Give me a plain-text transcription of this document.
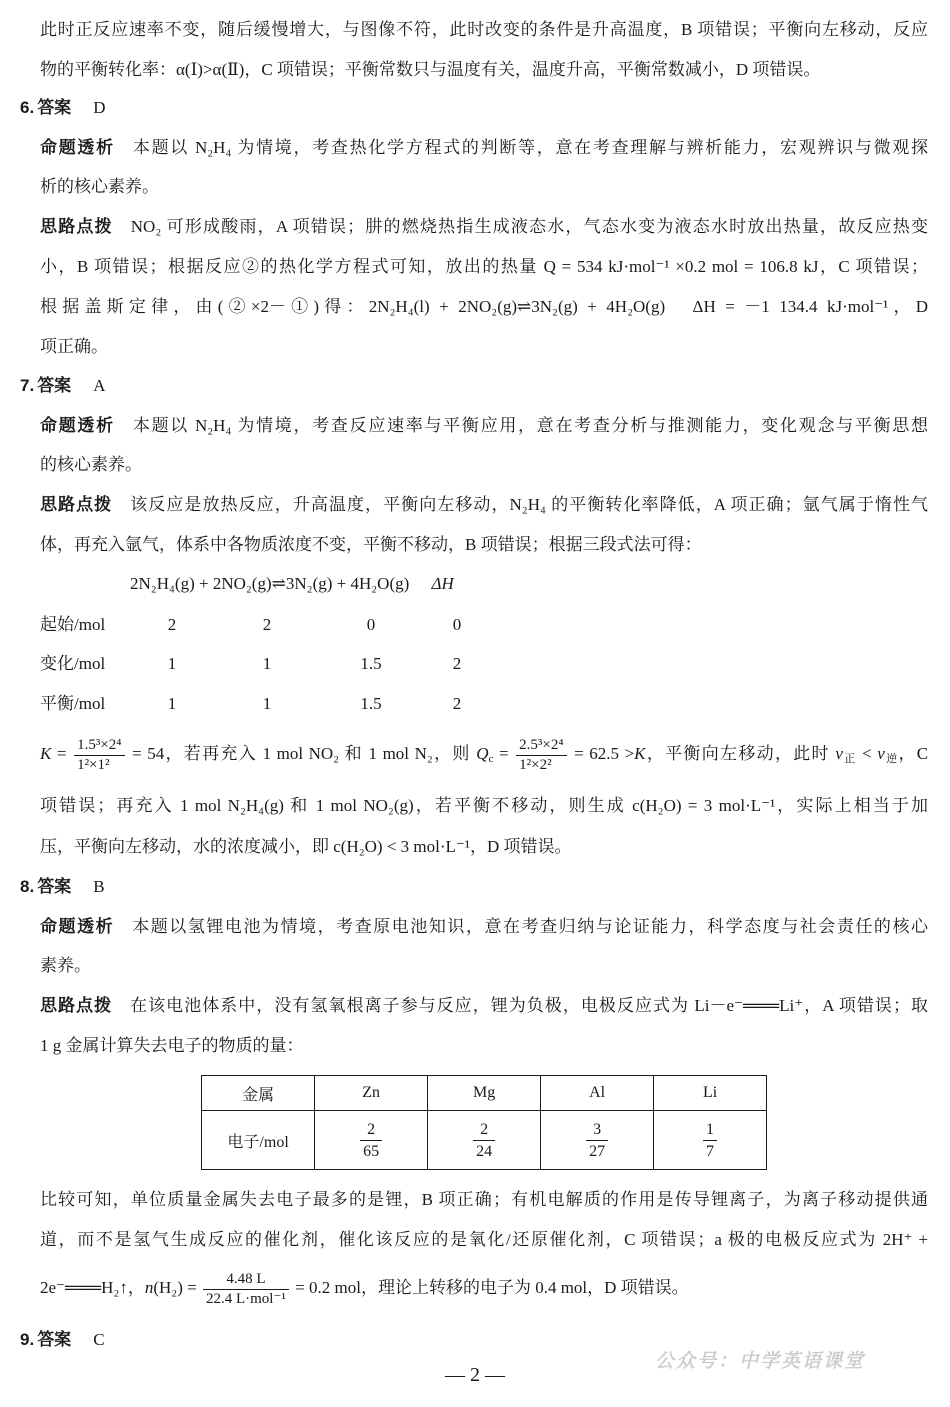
此时正反应速率不变，随后缓慢增大，与图像不符，此时改变的条件是升高温度，B 项错误；平衡向左移动，反应
物的平衡转化率：α(Ⅰ)>α(Ⅱ)，C 项错误；平衡常数只与温度有关，温度升高，平衡常数减小，D 项错误。
6. 答案 D
命题透析 本题以 N₂H₄ 为情境，考查热化学方程式的判断等，意在考查理解与辨析能力，宏观辨识与微观探
析的核心素养。
思路点拨 NO₂ 可形成酸雨，A 项错误；肼的燃烧热指生成液态水，气态水变为液态水时放出热量，故反应热变
小，B 项错误；根据反应②的热化学方程式可知，放出的热量 Q = 534 kJ·mol⁻¹ ×0.2 mol = 106.8 kJ，C 项错误；
根据盖斯定律，由(②×2－①)得：2N₂H₄(l) + 2NO₂(g)⇌3N₂(g) + 4H₂O(g)　ΔH = －1 134.4 kJ·mol⁻¹，D
项正确。
7. 答案 A
命题透析 本题以 N₂H₄ 为情境，考查反应速率与平衡应用，意在考查分析与推测能力，变化观念与平衡思想
的核心素养。
思路点拨 该反应是放热反应，升高温度，平衡向左移动，N₂H₄ 的平衡转化率降低，A 项正确；氩气属于惰性气
体，再充入氩气，体系中各物质浓度不变，平衡不移动，B 项错误；根据三段式法可得：
2N₂H₄(g) + 2NO₂(g)⇌3N₂(g) + 4H₂O(g) ΔH
起始/mol	2	2	0	0
变化/mol	1	1	1.5	2
平衡/mol	1	1	1.5	2
$K = \frac{\text{1.5³×2⁴}}{\text{1²×1²}} = 54$，若再充入 1 mol NO₂ 和 1 mol N₂，则 $Q_c = \frac{\text{2.5³×2⁴}}{\text{1²×2²}} = 62.5 >K$，平衡向左移动，此时 $v_正 < v_逆$，C
项错误；再充入 1 mol N₂H₄(g) 和 1 mol NO₂(g)，若平衡不移动，则生成 c(H₂O) = 3 mol·L⁻¹，实际上相当于加
压，平衡向左移动，水的浓度减小，即 c(H₂O) < 3 mol·L⁻¹，D 项错误。
8. 答案 B
命题透析 本题以氢锂电池为情境，考查原电池知识，意在考查归纳与论证能力，科学态度与社会责任的核心
素养。
思路点拨 在该电池体系中，没有氢氧根离子参与反应，锂为负极，电极反应式为 Li－e⁻═══Li⁺，A 项错误；取
1 g 金属计算失去电子的物质的量：
金属	Zn	Mg	Al	Li
电子/mol	$\frac{2}{65}$	$\frac{2}{24}$	$\frac{3}{27}$	$\frac{1}{7}$
比较可知，单位质量金属失去电子最多的是锂，B 项正确；有机电解质的作用是传导锂离子，为离子移动提供通
道，而不是氢气生成反应的催化剂，催化该反应的是氧化/还原催化剂，C 项错误；a 极的电极反应式为 2H⁺ +
2e⁻═══H₂↑，$n(H_2) = \frac{4.48 L}{\text{22.4 L·mol⁻¹}} = 0.2$ mol，理论上转移的电子为 0.4 mol，D 项错误。
9. 答案 C
公众号：中学英语课堂
— 2 —
